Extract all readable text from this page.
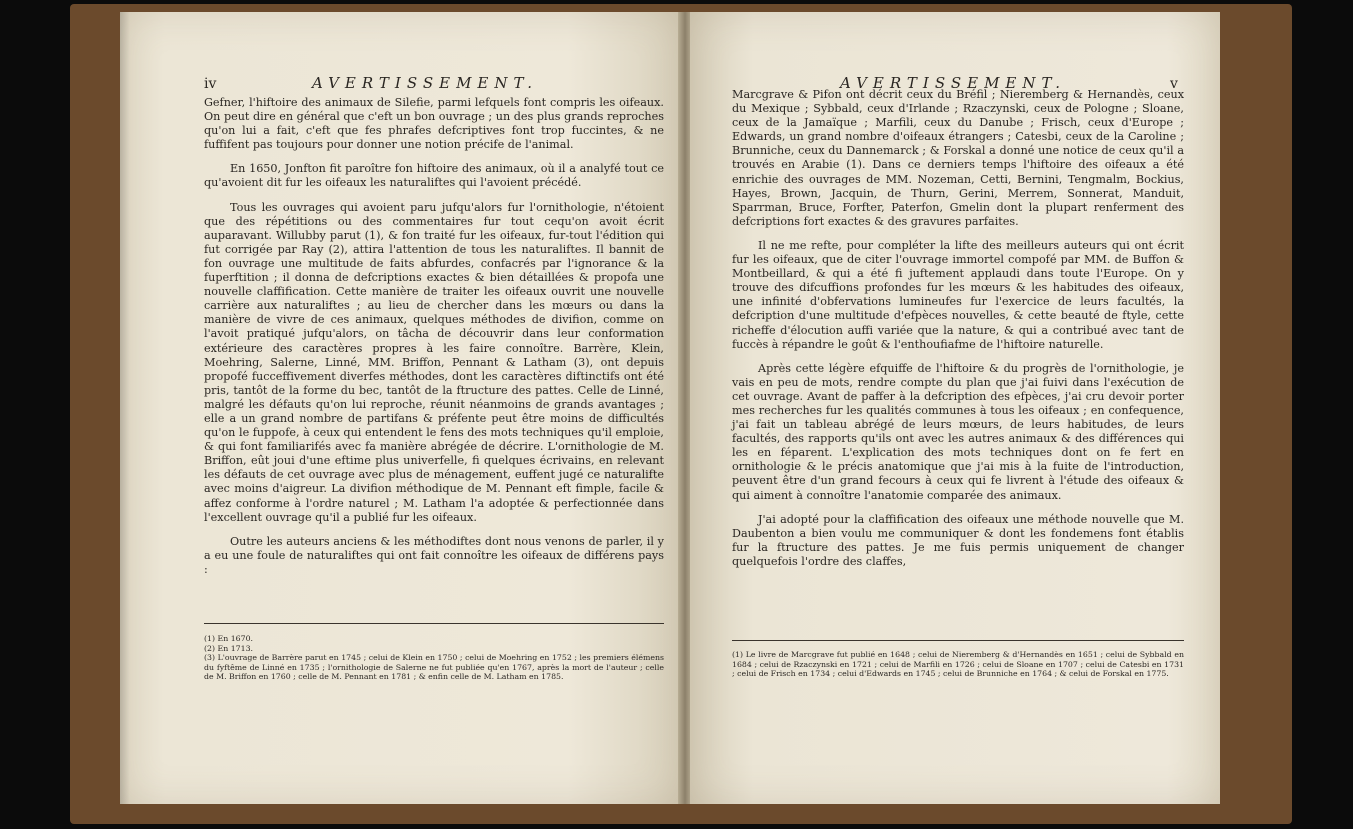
iv	AVERTISSEMENT.

Gefner, l'hiftoire des animaux de Silefie, parmi lefquels font compris les oifeaux. On peut dire en général que c'eft un bon ouvrage ; un des plus grands reproches qu'on lui a fait, c'eft que fes phrafes defcriptives font trop fuccintes, & ne fuffifent pas toujours pour donner une notion précife de l'animal.

En 1650, Jonfton fit paroître fon hiftoire des animaux, où il a analyfé tout ce qu'avoient dit fur les oifeaux les naturaliftes qui l'avoient précédé.

Tous les ouvrages qui avoient paru jufqu'alors fur l'ornithologie, n'étoient que des répétitions ou des commentaires fur tout cequ'on avoit écrit auparavant. Willubby parut (1), & fon traité fur les oifeaux, fur-tout l'édition qui fut corrigée par Ray (2), attira l'attention de tous les naturaliftes. Il bannit de fon ouvrage une multitude de faits abfurdes, confacrés par l'ignorance & la fuperftition ; il donna de defcriptions exactes & bien détaillées & propofa une nouvelle claffification. Cette manière de traiter les oifeaux ouvrit une nouvelle carrière aux naturaliftes ; au lieu de chercher dans les mœurs ou dans la manière de vivre de ces animaux, quelques méthodes de divifion, comme on l'avoit pratiqué jufqu'alors, on tâcha de découvrir dans leur conformation extérieure des caractères propres à les faire connoître. Barrère, Klein, Moehring, Salerne, Linné, MM. Briffon, Pennant & Latham (3), ont depuis propofé fucceffivement diverfes méthodes, dont les caractères diftinctifs ont été pris, tantôt de la forme du bec, tantôt de la ftructure des pattes. Celle de Linné, malgré les défauts qu'on lui reproche, réunit néanmoins de grands avantages ; elle a un grand nombre de partifans & préfente peut être moins de difficultés qu'on le fuppofe, à ceux qui entendent le fens des mots techniques qu'il emploie, & qui font familiarifés avec fa manière abrégée de décrire. L'ornithologie de M. Briffon, eût joui d'une eftime plus univerfelle, fi quelques écrivains, en relevant les défauts de cet ouvrage avec plus de ménagement, euffent jugé ce naturalifte avec moins d'aigreur. La divifion méthodique de M. Pennant eft fimple, facile & affez conforme à l'ordre naturel ; M. Latham l'a adoptée & perfectionnée dans l'excellent ouvrage qu'il a publié fur les oifeaux.

Outre les auteurs anciens & les méthodiftes dont nous venons de parler, il y a eu une foule de naturaliftes qui ont fait connoître les oifeaux de différens pays :

(1) En 1670.

(2) En 1713.

(3) L'ouvrage de Barrère parut en 1745 ; celui de Klein en 1750 ; celui de Moehring en 1752 ; les premiers élémens du fyftême de Linné en 1735 ; l'ornithologie de Salerne ne fut publiée qu'en 1767, après la mort de l'auteur ; celle de M. Briffon en 1760 ; celle de M. Pennant en 1781 ; & enfin celle de M. Latham en 1785.

AVERTISSEMENT.	v

Marcgrave & Pifon ont décrit ceux du Bréfil ; Nieremberg & Hernandès, ceux du Mexique ; Sybbald, ceux d'Irlande ; Rzaczynski, ceux de Pologne ; Sloane, ceux de la Jamaïque ; Marfili, ceux du Danube ; Frisch, ceux d'Europe ; Edwards, un grand nombre d'oifeaux étrangers ; Catesbi, ceux de la Caroline ; Brunniche, ceux du Dannemarck ; & Forskal a donné une notice de ceux qu'il a trouvés en Arabie (1). Dans ce derniers temps l'hiftoire des oifeaux a été enrichie des ouvrages de MM. Nozeman, Cetti, Bernini, Tengmalm, Bockius, Hayes, Brown, Jacquin, de Thurn, Gerini, Merrem, Sonnerat, Manduit, Sparrman, Bruce, Forfter, Paterfon, Gmelin dont la plupart renferment des defcriptions fort exactes & des gravures parfaites.

Il ne me refte, pour compléter la lifte des meilleurs auteurs qui ont écrit fur les oifeaux, que de citer l'ouvrage immortel compofé par MM. de Buffon & Montbeillard, & qui a été fi juftement applaudi dans toute l'Europe. On y trouve des difcuffions profondes fur les mœurs & les habitudes des oifeaux, une infinité d'obfervations lumineufes fur l'exercice de leurs facultés, la defcription d'une multitude d'efpèces nouvelles, & cette beauté de ftyle, cette richeffe d'élocution auffi variée que la nature, & qui a contribué avec tant de fuccès à répandre le goût & l'enthoufiafme de l'hiftoire naturelle.

Après cette légère efquiffe de l'hiftoire & du progrès de l'ornithologie, je vais en peu de mots, rendre compte du plan que j'ai fuivi dans l'exécution de cet ouvrage. Avant de paffer à la defcription des efpèces, j'ai cru devoir porter mes recherches fur les qualités communes à tous les oifeaux ; en confequence, j'ai fait un tableau abrégé de leurs mœurs, de leurs habitudes, de leurs facultés, des rapports qu'ils ont avec les autres animaux & des différences qui les en féparent. L'explication des mots techniques dont on fe fert en ornithologie & le précis anatomique que j'ai mis à la fuite de l'introduction, peuvent être d'un grand fecours à ceux qui fe livrent à l'étude des oifeaux & qui aiment à connoître l'anatomie comparée des animaux.

J'ai adopté pour la claffification des oifeaux une méthode nouvelle que M. Daubenton a bien voulu me communiquer & dont les fondemens font établis fur la ftructure des pattes. Je me fuis permis uniquement de changer quelquefois l'ordre des claffes,

(1) Le livre de Marcgrave fut publié en 1648 ; celui de Nieremberg & d'Hernandès en 1651 ; celui de Sybbald en 1684 ; celui de Rzaczynski en 1721 ; celui de Marfili en 1726 ; celui de Sloane en 1707 ; celui de Catesbi en 1731 ; celui de Frisch en 1734 ; celui d'Edwards en 1745 ; celui de Brunniche en 1764 ; & celui de Forskal en 1775.
